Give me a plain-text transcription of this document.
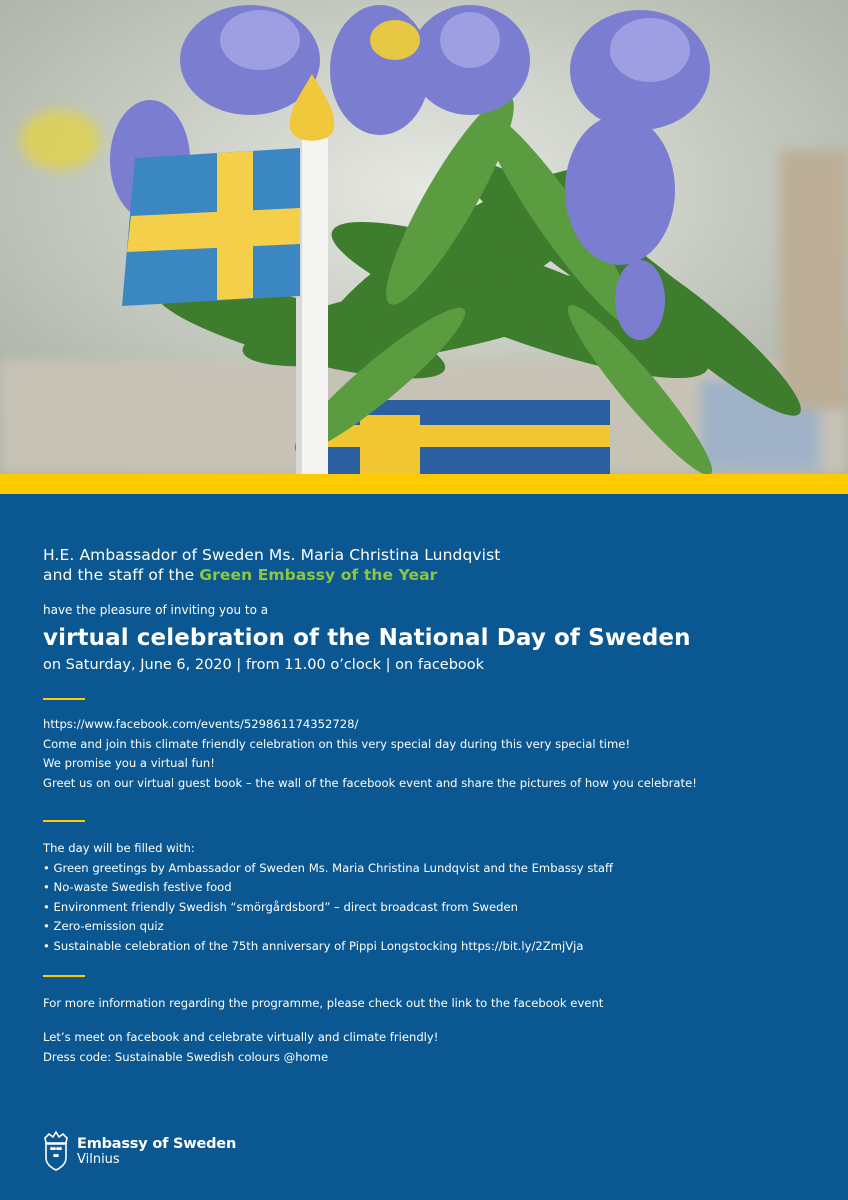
H.E. Ambassador of Sweden Ms. Maria Christina Lundqvist
and the staff of the Green Embassy of the Year
have the pleasure of inviting you to a
virtual celebration of the National Day of Sweden
on Saturday, June 6, 2020 | from 11.00 o’clock | on facebook

https://www.facebook.com/events/529861174352728/

Come and join this climate friendly celebration on this very special day during this very special time!

We promise you a virtual fun!

Greet us on our virtual guest book – the wall of the facebook event and share the pictures of how you celebrate!

The day will be filled with:

• Green greetings by Ambassador of Sweden Ms. Maria Christina Lundqvist and the Embassy staff

• No-waste Swedish festive food

• Environment friendly Swedish “smörgårdsbord” – direct broadcast from Sweden

• Zero-emission quiz

• Sustainable celebration of the 75th anniversary of Pippi Longstocking https://bit.ly/2ZmjVja

For more information regarding the programme, please check out the link to the facebook event

Let’s meet on facebook and celebrate virtually and climate friendly!

Dress code: Sustainable Swedish colours @home

Embassy of Sweden
Vilnius
